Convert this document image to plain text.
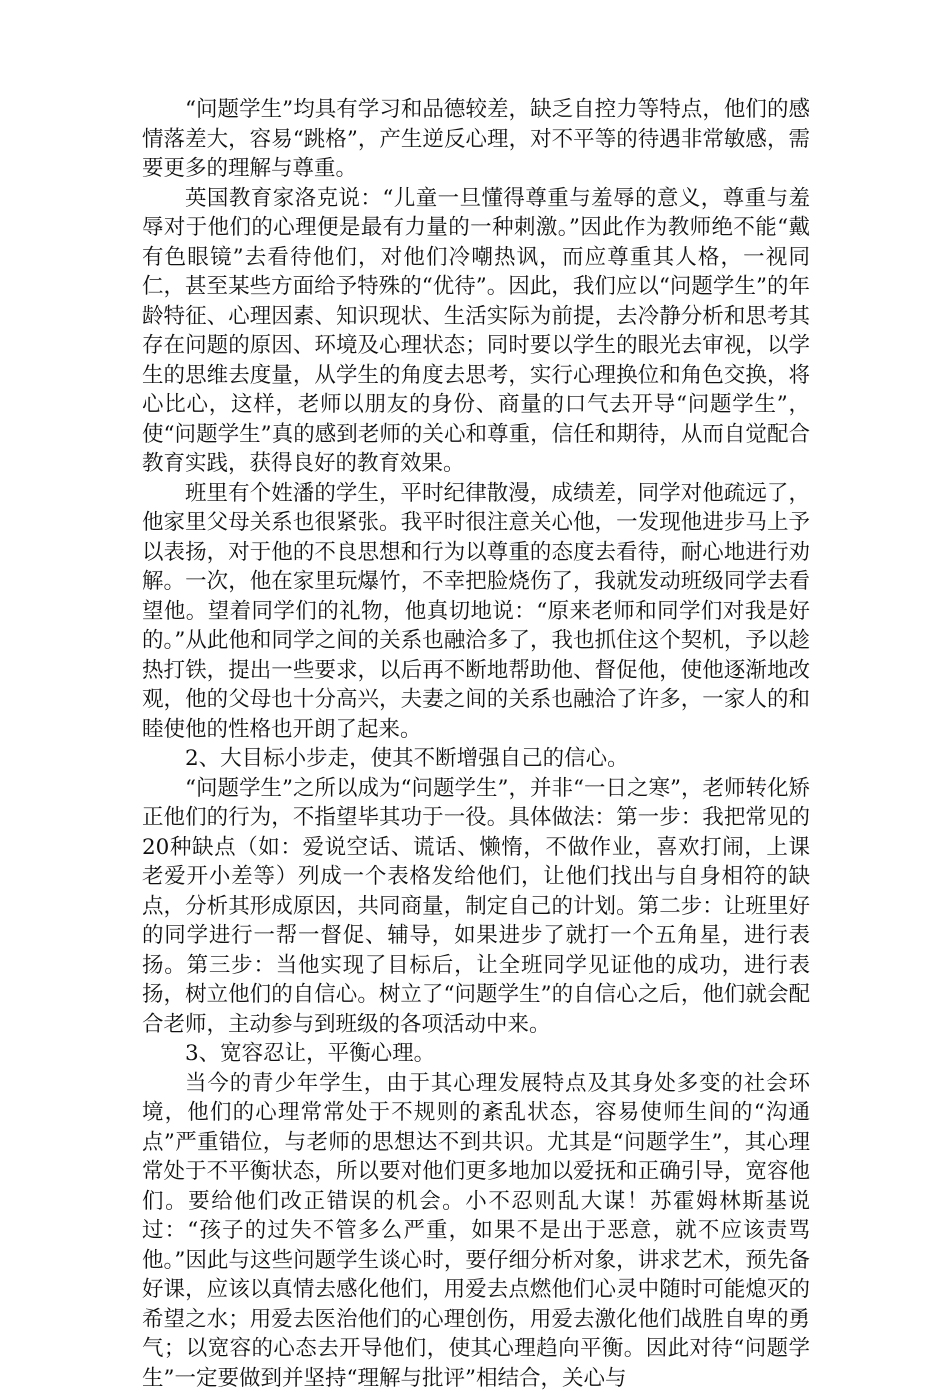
“问题学生”均具有学习和品德较差，缺乏自控力等特点，他们的感情落差大，容易“跳格”，产生逆反心理，对不平等的待遇非常敏感，需要更多的理解与尊重。

英国教育家洛克说：“儿童一旦懂得尊重与羞辱的意义，尊重与羞辱对于他们的心理便是最有力量的一种刺激。”因此作为教师绝不能“戴有色眼镜”去看待他们，对他们冷嘲热讽，而应尊重其人格，一视同仁，甚至某些方面给予特殊的“优待”。因此，我们应以“问题学生”的年龄特征、心理因素、知识现状、生活实际为前提，去冷静分析和思考其存在问题的原因、环境及心理状态；同时要以学生的眼光去审视，以学生的思维去度量，从学生的角度去思考，实行心理换位和角色交换，将心比心，这样，老师以朋友的身份、商量的口气去开导“问题学生”，使“问题学生”真的感到老师的关心和尊重，信任和期待，从而自觉配合教育实践，获得良好的教育效果。

班里有个姓潘的学生，平时纪律散漫，成绩差，同学对他疏远了，他家里父母关系也很紧张。我平时很注意关心他，一发现他进步马上予以表扬，对于他的不良思想和行为以尊重的态度去看待，耐心地进行劝解。一次，他在家里玩爆竹，不幸把脸烧伤了，我就发动班级同学去看望他。望着同学们的礼物，他真切地说：“原来老师和同学们对我是好的。”从此他和同学之间的关系也融洽多了，我也抓住这个契机，予以趁热打铁，提出一些要求，以后再不断地帮助他、督促他，使他逐渐地改观，他的父母也十分高兴，夫妻之间的关系也融洽了许多，一家人的和睦使他的性格也开朗了起来。

2、大目标小步走，使其不断增强自己的信心。

“问题学生”之所以成为“问题学生”，并非“一日之寒”，老师转化矫正他们的行为，不指望毕其功于一役。具体做法：第一步：我把常见的20种缺点（如：爱说空话、谎话、懒惰，不做作业，喜欢打闹，上课老爱开小差等）列成一个表格发给他们，让他们找出与自身相符的缺点，分析其形成原因，共同商量，制定自己的计划。第二步：让班里好的同学进行一帮一督促、辅导，如果进步了就打一个五角星，进行表扬。第三步：当他实现了目标后，让全班同学见证他的成功，进行表扬，树立他们的自信心。树立了“问题学生”的自信心之后，他们就会配合老师，主动参与到班级的各项活动中来。

3、宽容忍让，平衡心理。

当今的青少年学生，由于其心理发展特点及其身处多变的社会环境，他们的心理常常处于不规则的紊乱状态，容易使师生间的“沟通点”严重错位，与老师的思想达不到共识。尤其是“问题学生”，其心理常处于不平衡状态，所以要对他们更多地加以爱抚和正确引导，宽容他们。要给他们改正错误的机会。小不忍则乱大谋！苏霍姆林斯基说过：“孩子的过失不管多么严重，如果不是出于恶意，就不应该责骂他。”因此与这些问题学生谈心时，要仔细分析对象，讲求艺术，预先备好课，应该以真情去感化他们，用爱去点燃他们心灵中随时可能熄灭的希望之水；用爱去医治他们的心理创伤，用爱去激化他们战胜自卑的勇气；以宽容的心态去开导他们，使其心理趋向平衡。因此对待“问题学生”一定要做到并坚持“理解与批评”相结合，关心与
